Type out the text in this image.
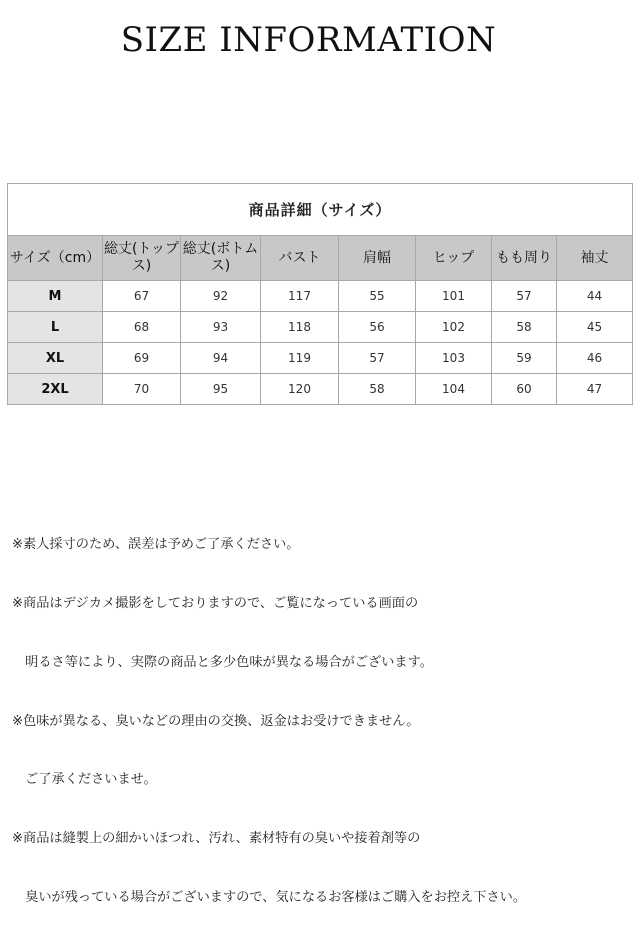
SIZE INFORMATION
商品詳細（サイズ）							
サイズ（cm）	総丈(トップス)	総丈(ボトムス)	バスト	肩幅	ヒップ	もも周り	袖丈
M	67	92	117	55	101	57	44
L	68	93	118	56	102	58	45
XL	69	94	119	57	103	59	46
2XL	70	95	120	58	104	60	47

※素人採寸のため、誤差は予めご了承ください。

※商品はデジカメ撮影をしておりますので、ご覧になっている画面の

　明るさ等により、実際の商品と多少色味が異なる場合がございます。

※色味が異なる、臭いなどの理由の交換、返金はお受けできません。

　ご了承くださいませ。

※商品は縫製上の細かいほつれ、汚れ、素材特有の臭いや接着剤等の

　臭いが残っている場合がございますので、気になるお客様はご購入をお控え下さい。
